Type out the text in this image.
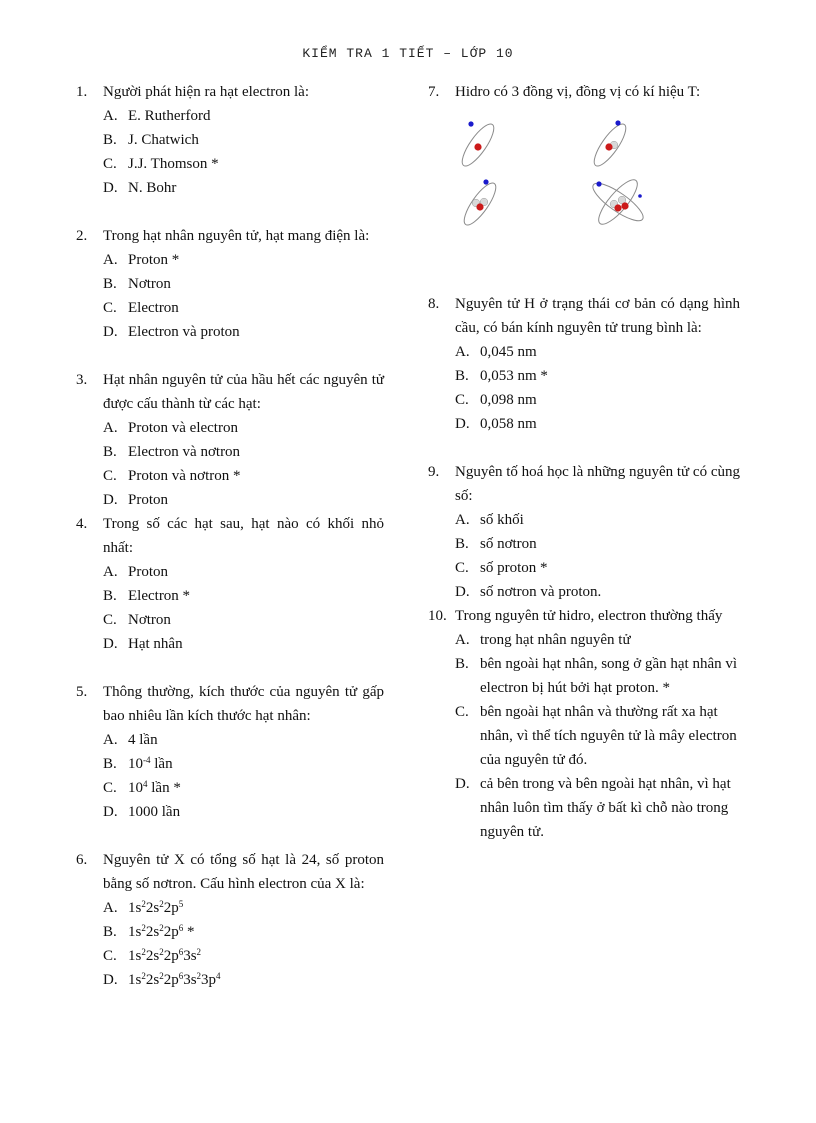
KIỂM TRA 1 TIẾT – LỚP 10
1.	Người phát hiện ra hạt electron là:
A. E. Rutherford
B. J. Chatwich
C. J.J. Thomson *
D. N. Bohr
2.	Trong hạt nhân nguyên tử, hạt mang điện là:
A. Proton *
B. Nơtron
C. Electron
D. Electron và proton
3.	Hạt nhân nguyên tử của hầu hết các nguyên tử được cấu thành từ các hạt:
A. Proton và electron
B. Electron và nơtron
C. Proton và nơtron *
D. Proton
4.	Trong số các hạt sau, hạt nào có khối nhỏ nhất:
A. Proton
B. Electron *
C. Nơtron
D. Hạt nhân
5.	Thông thường, kích thước của nguyên tử gấp bao nhiêu lần kích thước hạt nhân:
A. 4 lần
B. $10^{-4}$ lần
C. $10^4$ lần *
D. 1000 lần
6.	Nguyên tử X có tổng số hạt là 24, số proton bằng số nơtron. Cấu hình electron của X là:
A. $1s^22s^22p^5$
B. $1s^22s^22p^6$ *
C. $1s^22s^22p^63s^2$
D. $1s^22s^22p^63s^23p^4$
7.	Hidro có 3 đồng vị, đồng vị có kí hiệu T:
8.	Nguyên tử H ở trạng thái cơ bản có dạng hình cầu, có bán kính nguyên tử trung bình là:
A. 0,045 nm
B. 0,053 nm *
C. 0,098 nm
D. 0,058 nm
9.	Nguyên tố hoá học là những nguyên tử có cùng số:
A. số khối
B. số nơtron
C. số proton *
D. số nơtron và proton.
10. Trong nguyên tử hidro, electron thường thấy
A. trong hạt nhân nguyên tử
B. bên ngoài hạt nhân, song ở gần hạt nhân vì electron bị hút bởi hạt proton. *
C. bên ngoài hạt nhân và thường rất xa hạt nhân, vì thể tích nguyên tử là mây electron của nguyên tử đó.
D. cả bên trong và bên ngoài hạt nhân, vì hạt nhân luôn tìm thấy ở bất kì chỗ nào trong nguyên tử.
